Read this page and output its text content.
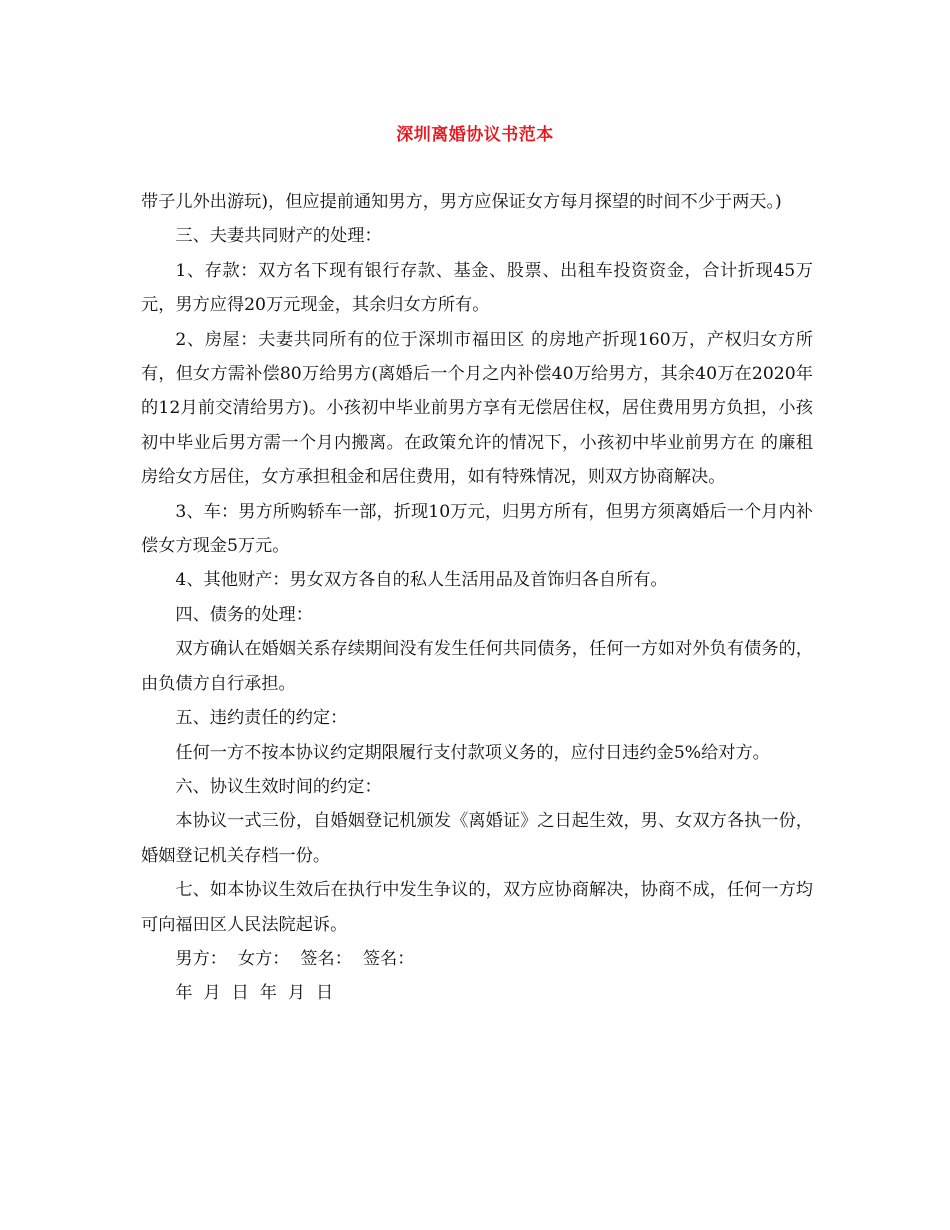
深圳离婚协议书范本

带子儿外出游玩)，但应提前通知男方，男方应保证女方每月探望的时间不少于两天。)

三、夫妻共同财产的处理：

1、存款：双方名下现有银行存款、基金、股票、出租车投资资金，合计折现45万元，男方应得20万元现金，其余归女方所有。

2、房屋：夫妻共同所有的位于深圳市福田区 的房地产折现160万，产权归女方所有，但女方需补偿80万给男方(离婚后一个月之内补偿40万给男方，其余40万在2020年的12月前交清给男方)。小孩初中毕业前男方享有无偿居住权，居住费用男方负担，小孩初中毕业后男方需一个月内搬离。在政策允许的情况下，小孩初中毕业前男方在 的廉租房给女方居住，女方承担租金和居住费用，如有特殊情况，则双方协商解决。

3、车：男方所购轿车一部，折现10万元，归男方所有，但男方须离婚后一个月内补偿女方现金5万元。

4、其他财产：男女双方各自的私人生活用品及首饰归各自所有。

四、债务的处理：

双方确认在婚姻关系存续期间没有发生任何共同债务，任何一方如对外负有债务的，由负债方自行承担。

五、违约责任的约定：

任何一方不按本协议约定期限履行支付款项义务的，应付日违约金5%给对方。

六、协议生效时间的约定：

本协议一式三份，自婚姻登记机颁发《离婚证》之日起生效，男、女双方各执一份，婚姻登记机关存档一份。

七、如本协议生效后在执行中发生争议的，双方应协商解决，协商不成，任何一方均可向福田区人民法院起诉。

男方：  女方：  签名：  签名：

年  月  日  年  月  日
